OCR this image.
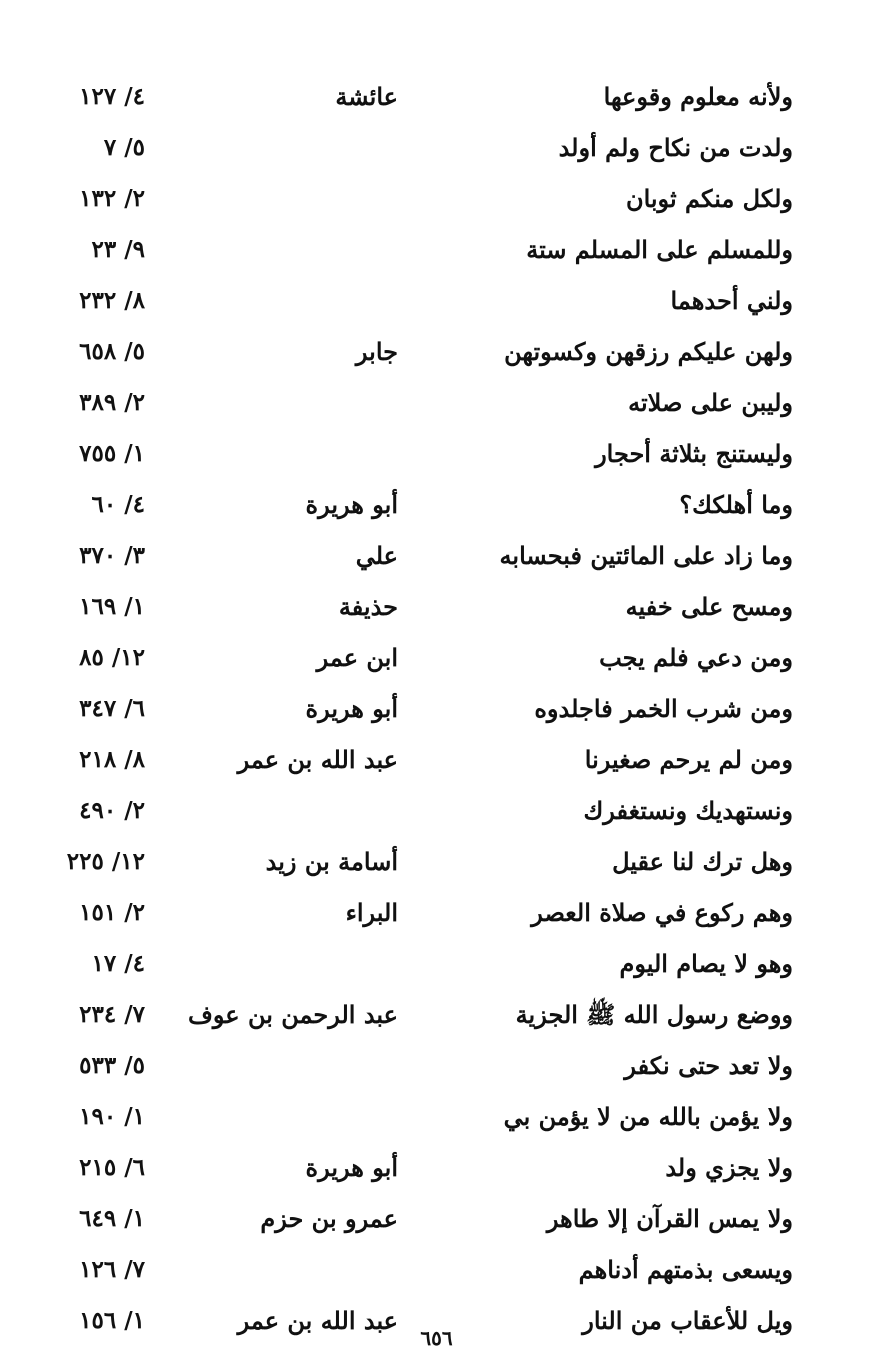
ولأنه معلوم وقوعها
عائشة
٤/ ١٢٧
ولدت من نكاح ولم أولد
٥/ ٧
ولكل منكم ثوبان
٢/ ١٣٢
وللمسلم على المسلم ستة
٩/ ٢٣
ولني أحدهما
٨/ ٢٣٢
ولهن عليكم رزقهن وكسوتهن
جابر
٥/ ٦٥٨
وليبن على صلاته
٢/ ٣٨٩
وليستنج بثلاثة أحجار
١/ ٧٥٥
وما أهلكك؟
أبو هريرة
٤/ ٦٠
وما زاد على المائتين فبحسابه
علي
٣/ ٣٧٠
ومسح على خفيه
حذيفة
١/ ١٦٩
ومن دعي فلم يجب
ابن عمر
١٢/ ٨٥
ومن شرب الخمر فاجلدوه
أبو هريرة
٦/ ٣٤٧
ومن لم يرحم صغيرنا
عبد الله بن عمر
٨/ ٢١٨
ونستهديك ونستغفرك
٢/ ٤٩٠
وهل ترك لنا عقيل
أسامة بن زيد
١٢/ ٢٢٥
وهم ركوع في صلاة العصر
البراء
٢/ ١٥١
وهو لا يصام اليوم
٤/ ١٧
ووضع رسول الله ﷺ الجزية
عبد الرحمن بن عوف
٧/ ٢٣٤
ولا تعد حتى نكفر
٥/ ٥٣٣
ولا يؤمن بالله من لا يؤمن بي
١/ ١٩٠
ولا يجزي ولد
أبو هريرة
٦/ ٢١٥
ولا يمس القرآن إلا طاهر
عمرو بن حزم
١/ ٦٤٩
ويسعى بذمتهم أدناهم
٧/ ١٢٦
ويل للأعقاب من النار
عبد الله بن عمر
١/ ١٥٦
٦٥٦
